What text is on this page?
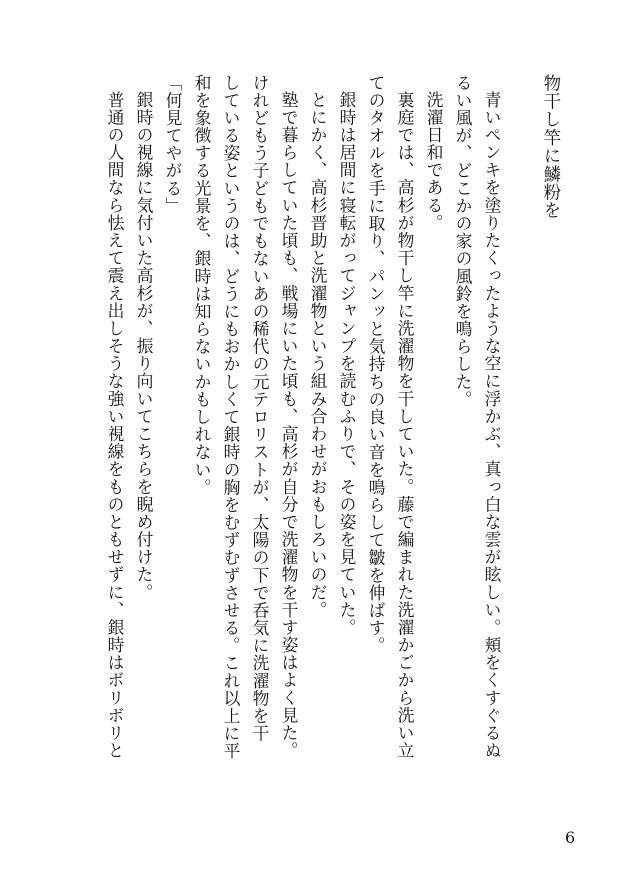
物干し竿に鱗粉を
青いペンキを塗りたくったような空に浮かぶ、真っ白な雲が眩しい。頬をくすぐるぬ
るい風が、どこかの家の風鈴を鳴らした。
洗濯日和である。
裏庭では、高杉が物干し竿に洗濯物を干していた。藤で編まれた洗濯かごから洗い立
てのタオルを手に取り、パンッと気持ちの良い音を鳴らして皺を伸ばす。
銀時は居間に寝転がってジャンプを読むふりで、その姿を見ていた。
とにかく、高杉晋助と洗濯物という組み合わせがおもしろいのだ。
塾で暮らしていた頃も、戦場にいた頃も、高杉が自分で洗濯物を干す姿はよく見た。
けれどもう子どもでもないあの稀代の元テロリストが、太陽の下で呑気に洗濯物を干
している姿というのは、どうにもおかしくて銀時の胸をむずむずさせる。これ以上に平
和を象徴する光景を、銀時は知らないかもしれない。
「何見てやがる」
銀時の視線に気付いた高杉が、振り向いてこちらを睨め付けた。
普通の人間なら怯えて震え出しそうな強い視線をものともせずに、銀時はボリボリと
6
